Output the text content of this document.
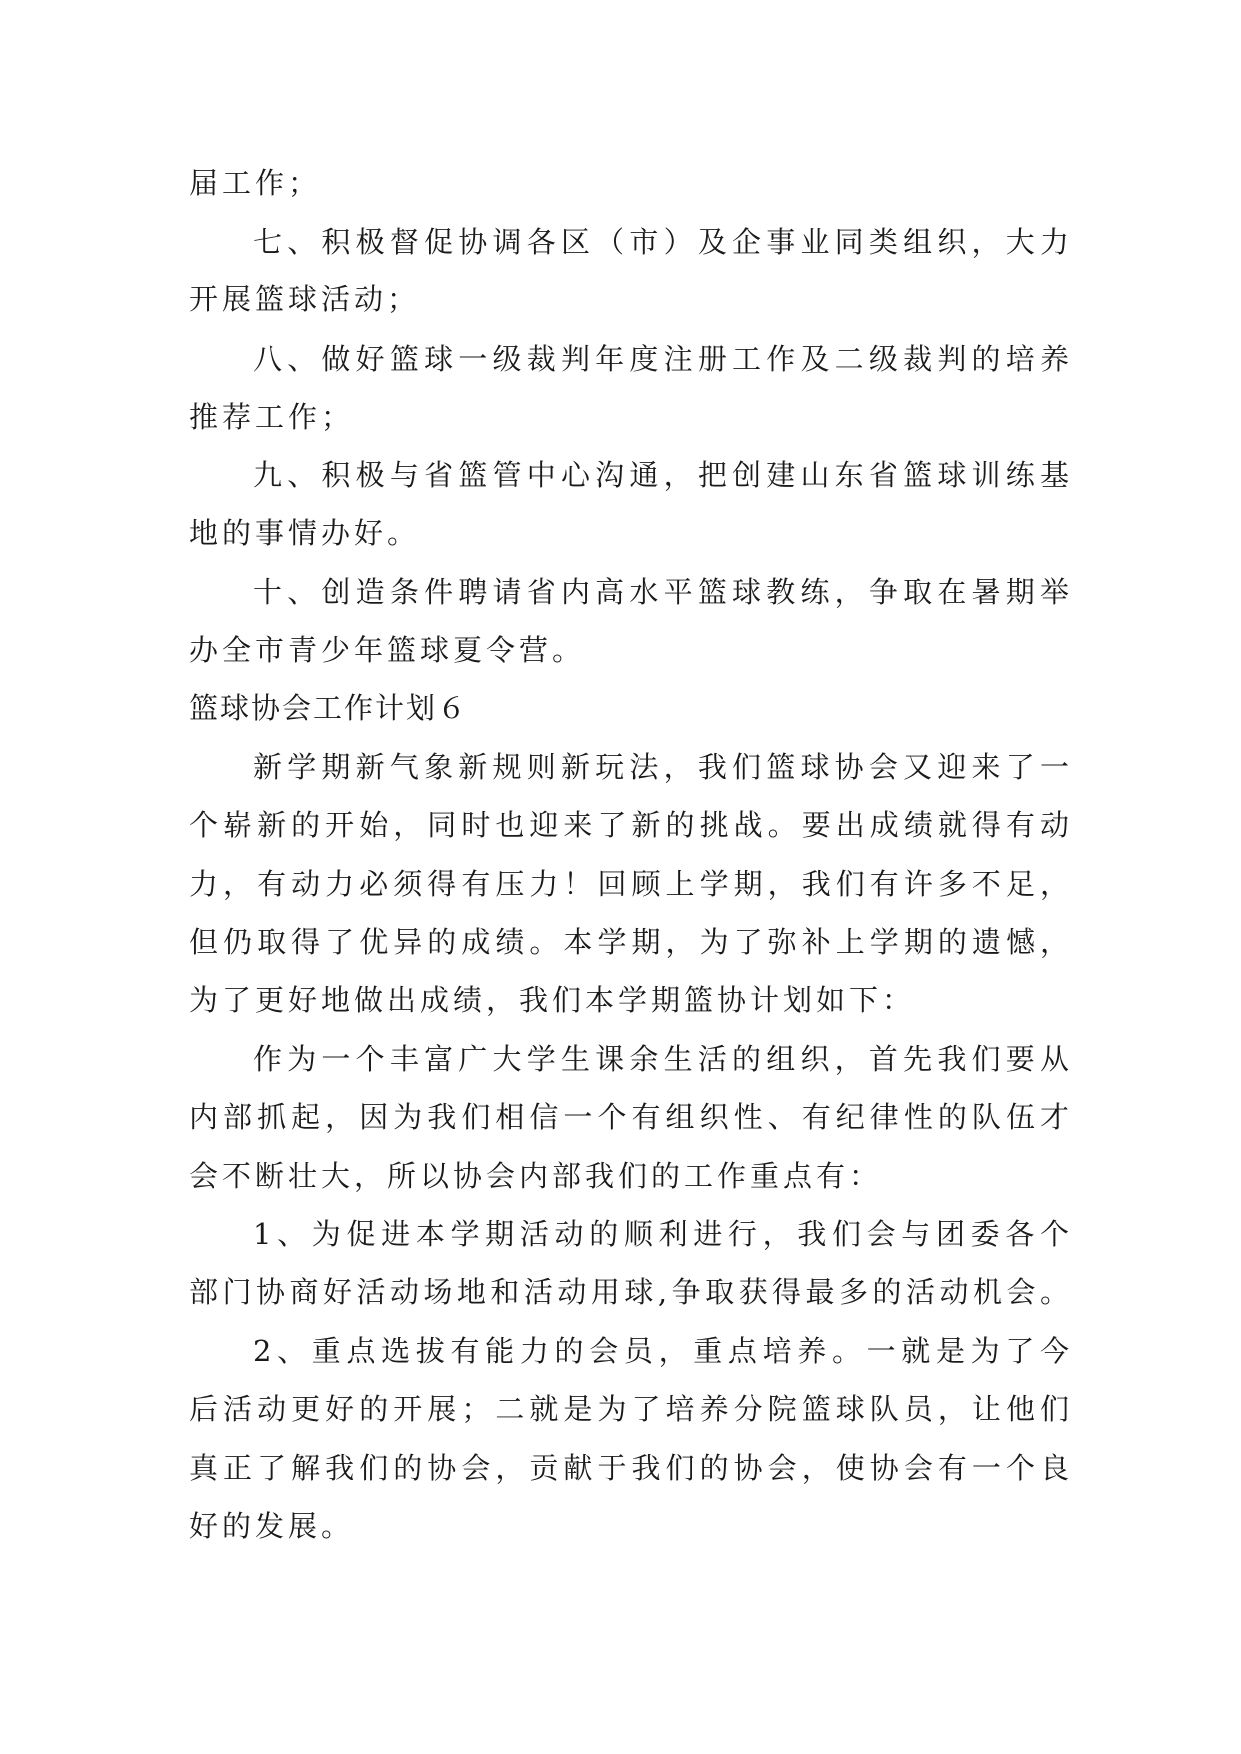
届工作；
七、积极督促协调各区（市）及企事业同类组织，大力
开展篮球活动；
八、做好篮球一级裁判年度注册工作及二级裁判的培养
推荐工作；
九、积极与省篮管中心沟通，把创建山东省篮球训练基
地的事情办好。
十、创造条件聘请省内高水平篮球教练，争取在暑期举
办全市青少年篮球夏令营。
篮球协会工作计划６
新学期新气象新规则新玩法，我们篮球协会又迎来了一
个崭新的开始，同时也迎来了新的挑战。要出成绩就得有动
力，有动力必须得有压力！回顾上学期，我们有许多不足，
但仍取得了优异的成绩。本学期，为了弥补上学期的遗憾，
为了更好地做出成绩，我们本学期篮协计划如下：
作为一个丰富广大学生课余生活的组织，首先我们要从
内部抓起，因为我们相信一个有组织性、有纪律性的队伍才
会不断壮大，所以协会内部我们的工作重点有：
1、为促进本学期活动的顺利进行，我们会与团委各个
部门协商好活动场地和活动用球,争取获得最多的活动机会。
2、重点选拔有能力的会员，重点培养。一就是为了今
后活动更好的开展；二就是为了培养分院篮球队员，让他们
真正了解我们的协会，贡献于我们的协会，使协会有一个良
好的发展。
